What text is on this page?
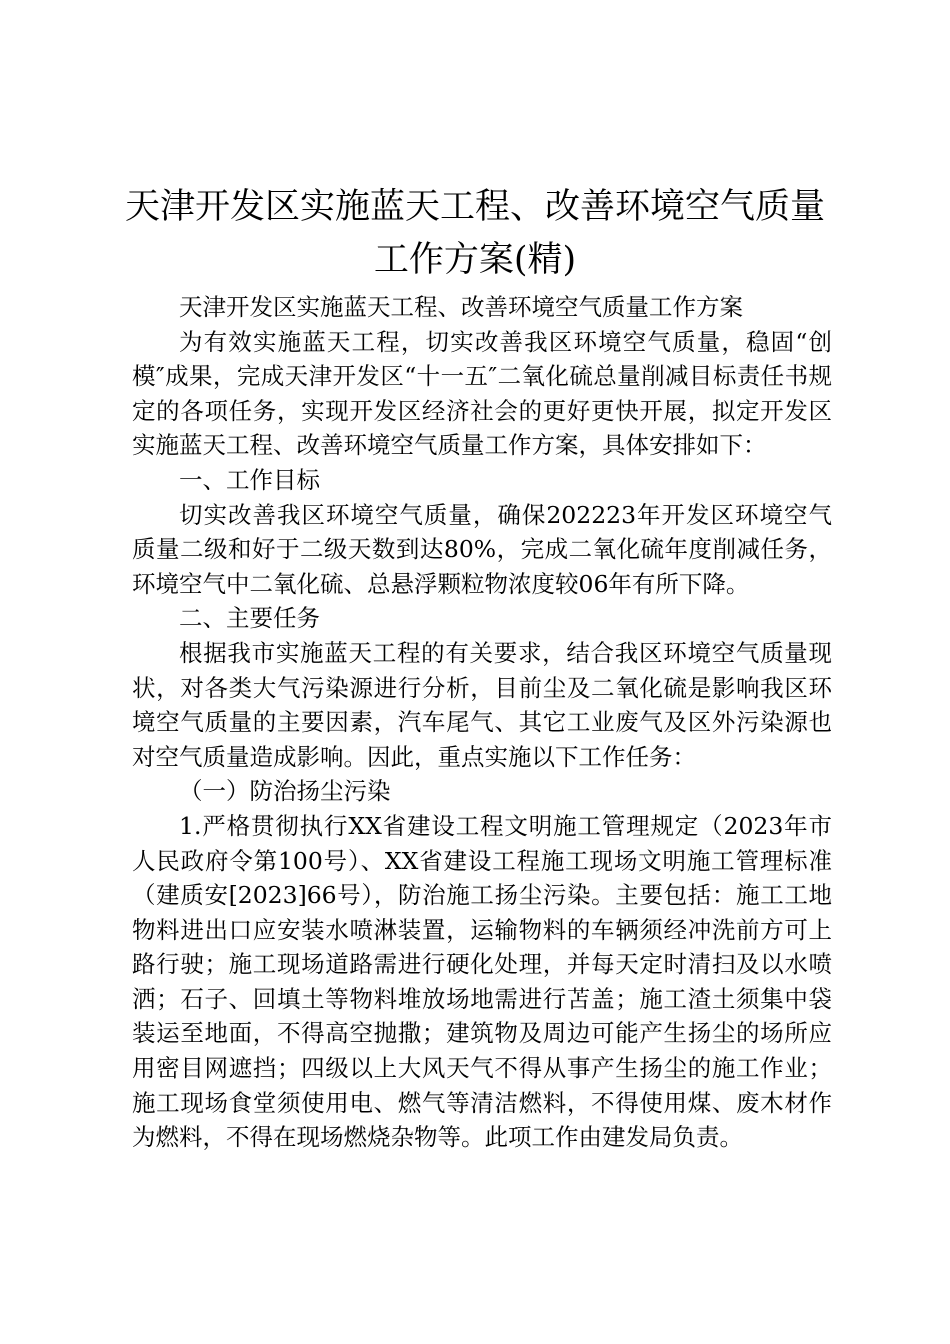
天津开发区实施蓝天工程、改善环境空气质量
工作方案(精)

天津开发区实施蓝天工程、改善环境空气质量工作方案

为有效实施蓝天工程，切实改善我区环境空气质量，稳固“创模″成果，完成天津开发区“十一五″二氧化硫总量削减目标责任书规定的各项任务，实现开发区经济社会的更好更快开展，拟定开发区实施蓝天工程、改善环境空气质量工作方案，具体安排如下：

一、工作目标

切实改善我区环境空气质量，确保202223年开发区环境空气质量二级和好于二级天数到达80%，完成二氧化硫年度削减任务，环境空气中二氧化硫、总悬浮颗粒物浓度较06年有所下降。

二、主要任务

根据我市实施蓝天工程的有关要求，结合我区环境空气质量现状，对各类大气污染源进行分析，目前尘及二氧化硫是影响我区环境空气质量的主要因素，汽车尾气、其它工业废气及区外污染源也对空气质量造成影响。因此，重点实施以下工作任务：

（一）防治扬尘污染

1.严格贯彻执行XX省建设工程文明施工管理规定（2023年市人民政府令第100号）、XX省建设工程施工现场文明施工管理标准（建质安[2023]66号），防治施工扬尘污染。主要包括：施工工地物料进出口应安装水喷淋装置，运输物料的车辆须经冲洗前方可上路行驶；施工现场道路需进行硬化处理，并每天定时清扫及以水喷洒；石子、回填土等物料堆放场地需进行苫盖；施工渣土须集中袋装运至地面，不得高空抛撒；建筑物及周边可能产生扬尘的场所应用密目网遮挡；四级以上大风天气不得从事产生扬尘的施工作业；施工现场食堂须使用电、燃气等清洁燃料，不得使用煤、废木材作为燃料，不得在现场燃烧杂物等。此项工作由建发局负责。
